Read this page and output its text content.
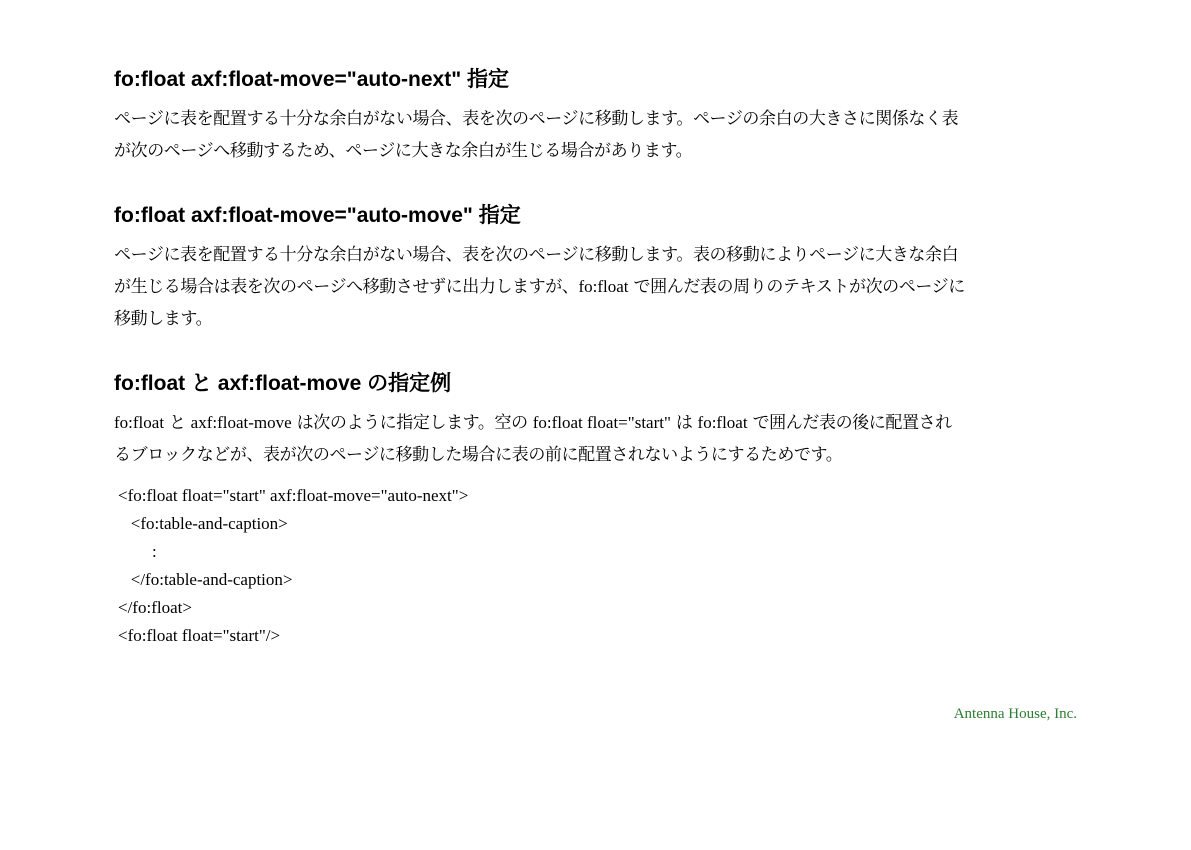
fo:float axf:float-move="auto-next" 指定

ページに表を配置する十分な余白がない場合、表を次のページに移動します。ページの余白の大きさに関係なく表
が次のページへ移動するため、ページに大きな余白が生じる場合があります。

fo:float axf:float-move="auto-move" 指定

ページに表を配置する十分な余白がない場合、表を次のページに移動します。表の移動によりページに大きな余白
が生じる場合は表を次のページへ移動させずに出力しますが、fo:float で囲んだ表の周りのテキストが次のページに
移動します。

fo:float と axf:float-move の指定例

fo:float と axf:float-move は次のように指定します。空の fo:float float="start" は fo:float で囲んだ表の後に配置され
るブロックなどが、表が次のページに移動した場合に表の前に配置されないようにするためです。

<fo:float float="start" axf:float-move="auto-next">
<fo:table-and-caption>
:
</fo:table-and-caption>
</fo:float>
<fo:float float="start"/>
Antenna House, Inc.
